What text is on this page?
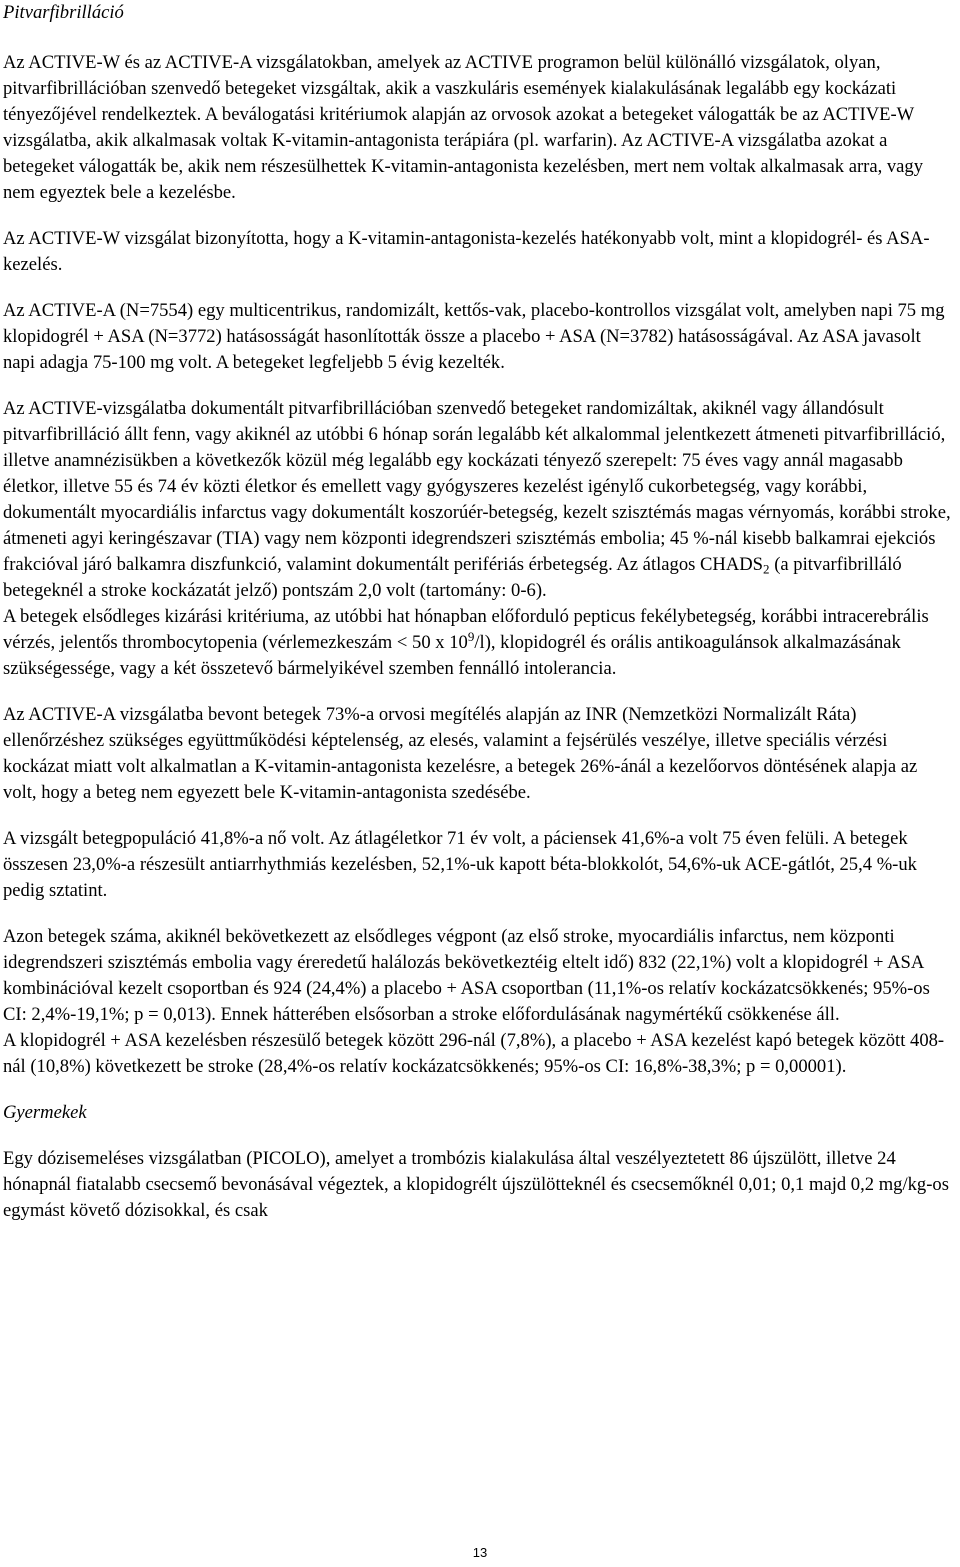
Pitvarfibrilláció

Az ACTIVE-W és az ACTIVE-A vizsgálatokban, amelyek az ACTIVE programon belül különálló vizsgálatok, olyan, pitvarfibrillációban szenvedő betegeket vizsgáltak, akik a vaszkuláris események kialakulásának legalább egy kockázati tényezőjével rendelkeztek. A beválogatási kritériumok alapján az orvosok azokat a betegeket válogatták be az ACTIVE-W vizsgálatba, akik alkalmasak voltak K-vitamin-antagonista terápiára (pl. warfarin). Az ACTIVE-A vizsgálatba azokat a betegeket válogatták be, akik nem részesülhettek K-vitamin-antagonista kezelésben, mert nem voltak alkalmasak arra, vagy nem egyeztek bele a kezelésbe.

Az ACTIVE-W vizsgálat bizonyította, hogy a K-vitamin-antagonista-kezelés hatékonyabb volt, mint a klopidogrél- és ASA-kezelés.

Az ACTIVE-A (N=7554) egy multicentrikus, randomizált, kettős-vak, placebo-kontrollos vizsgálat volt, amelyben napi 75 mg klopidogrél + ASA (N=3772) hatásosságát hasonlították össze a placebo + ASA (N=3782) hatásosságával. Az ASA javasolt napi adagja 75-100 mg volt. A betegeket legfeljebb 5 évig kezelték.

Az ACTIVE-vizsgálatba dokumentált pitvarfibrillációban szenvedő betegeket randomizáltak, akiknél vagy állandósult pitvarfibrilláció állt fenn, vagy akiknél az utóbbi 6 hónap során legalább két alkalommal jelentkezett átmeneti pitvarfibrilláció, illetve anamnézisükben a következők közül még legalább egy kockázati tényező szerepelt: 75 éves vagy annál magasabb életkor, illetve 55 és 74 év közti életkor és emellett vagy gyógyszeres kezelést igénylő cukorbetegség, vagy korábbi, dokumentált myocardiális infarctus vagy dokumentált koszorúér-betegség, kezelt szisztémás magas vérnyomás, korábbi stroke, átmeneti agyi keringészavar (TIA) vagy nem központi idegrendszeri szisztémás embolia; 45 %-nál kisebb balkamrai ejekciós frakcióval járó balkamra diszfunkció, valamint dokumentált perifériás érbetegség. Az átlagos $CHADS_2$ (a pitvarfibrilláló betegeknél a stroke kockázatát jelző) pontszám 2,0 volt (tartomány: 0-6).

A betegek elsődleges kizárási kritériuma, az utóbbi hat hónapban előforduló pepticus fekélybetegség, korábbi intracerebrális vérzés, jelentős thrombocytopenia (vérlemezkeszám < 50 x $10^9/l$), klopidogrél és orális antikoagulánsok alkalmazásának szükségessége, vagy a két összetevő bármelyikével szemben fennálló intolerancia.

Az ACTIVE-A vizsgálatba bevont betegek 73%-a orvosi megítélés alapján az INR (Nemzetközi Normalizált Ráta) ellenőrzéshez szükséges együttműködési képtelenség, az elesés, valamint a fejsérülés veszélye, illetve speciális vérzési kockázat miatt volt alkalmatlan a K-vitamin-antagonista kezelésre, a betegek 26%-ánál a kezelőorvos döntésének alapja az volt, hogy a beteg nem egyezett bele K-vitamin-antagonista szedésébe.

A vizsgált betegpopuláció 41,8%-a nő volt. Az átlagéletkor 71 év volt, a páciensek 41,6%-a volt 75 éven felüli. A betegek összesen 23,0%-a részesült antiarrhythmiás kezelésben, 52,1%-uk kapott béta-blokkolót, 54,6%-uk ACE-gátlót, 25,4 %-uk pedig sztatint.

Azon betegek száma, akiknél bekövetkezett az elsődleges végpont (az első stroke, myocardiális infarctus, nem központi idegrendszeri szisztémás embolia vagy éreredetű halálozás bekövetkeztéig eltelt idő) 832 (22,1%) volt a klopidogrél + ASA kombinációval kezelt csoportban és 924 (24,4%) a placebo + ASA csoportban (11,1%-os relatív kockázatcsökkenés; 95%-os CI: 2,4%-19,1%; p = 0,013). Ennek hátterében elsősorban a stroke előfordulásának nagymértékű csökkenése áll.

A klopidogrél + ASA kezelésben részesülő betegek között 296-nál (7,8%), a placebo + ASA kezelést kapó betegek között 408-nál (10,8%) következett be stroke (28,4%-os relatív kockázatcsökkenés; 95%-os CI: 16,8%-38,3%; p = 0,00001).

Gyermekek

Egy dózisemeléses vizsgálatban (PICOLO), amelyet a trombózis kialakulása által veszélyeztetett 86 újszülött, illetve 24 hónapnál fiatalabb csecsemő bevonásával végeztek, a klopidogrélt újszülötteknél és csecsemőknél 0,01; 0,1 majd 0,2 mg/kg-os egymást követő dózisokkal, és csak

13
